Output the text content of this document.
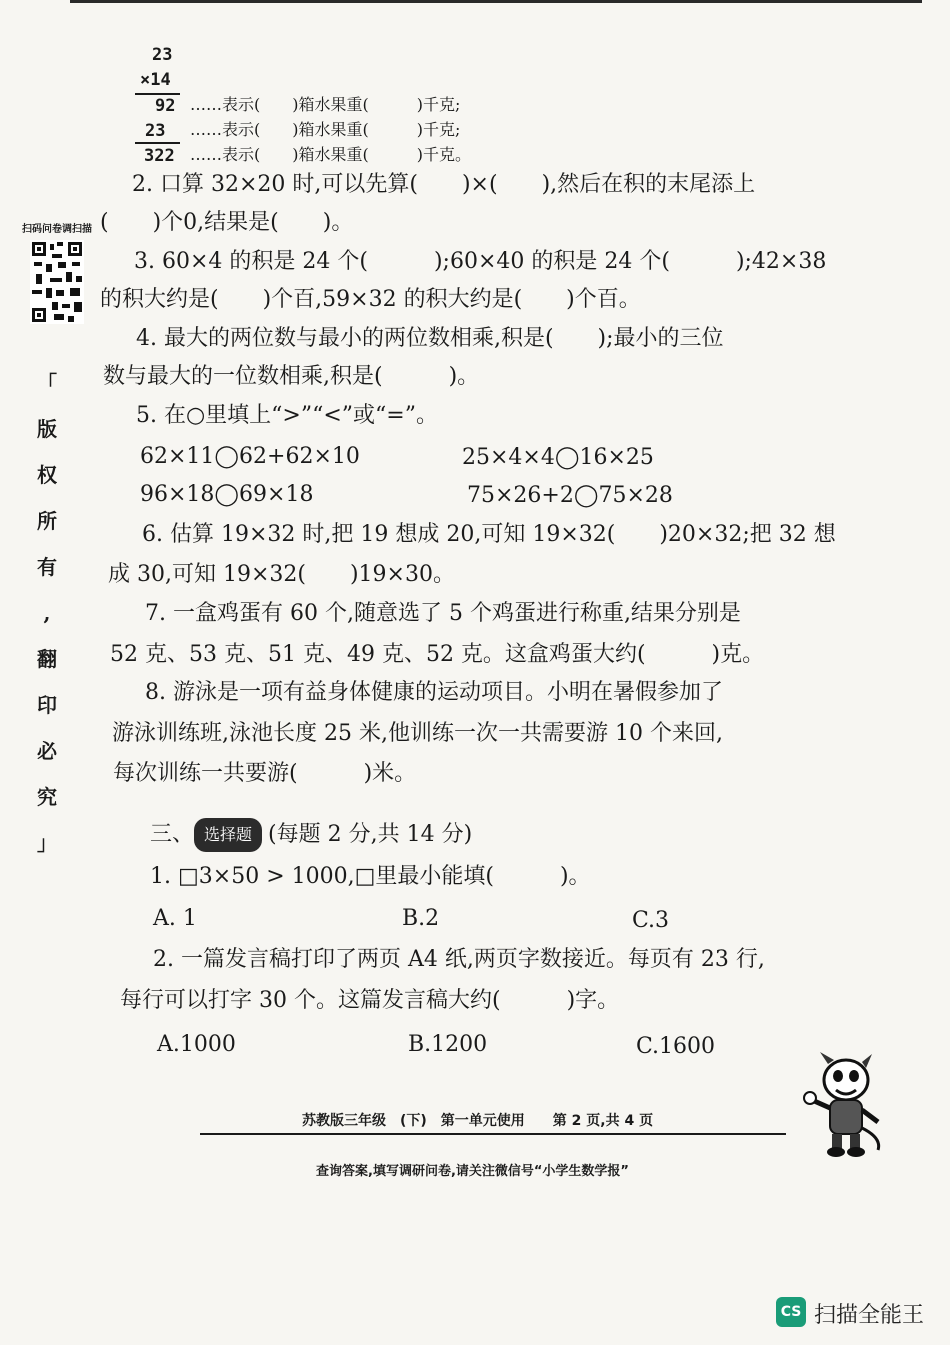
23
×14
92 ……表示(　　)箱水果重(　　　)千克;
23 ……表示(　　)箱水果重(　　　)千克;
322 ……表示(　　)箱水果重(　　　)千克。
2. 口算 32×20 时,可以先算(　　)×(　　),然后在积的末尾添上
(　　)个0,结果是(　　)。
3. 60×4 的积是 24 个(　　　);60×40 的积是 24 个(　　　);42×38
的积大约是(　　)个百,59×32 的积大约是(　　)个百。
4. 最大的两位数与最小的两位数相乘,积是(　　);最小的三位
数与最大的一位数相乘,积是(　　　)。
5. 在○里填上“>”“<”或“=”。
62×11◯62+62×10	25×4×4◯16×25
96×18◯69×18	75×26+2◯75×28
6. 估算 19×32 时,把 19 想成 20,可知 19×32(　　)20×32;把 32 想
成 30,可知 19×32(　　)19×30。
7. 一盒鸡蛋有 60 个,随意选了 5 个鸡蛋进行称重,结果分别是
52 克、53 克、51 克、49 克、52 克。这盒鸡蛋大约(　　　)克。
8. 游泳是一项有益身体健康的运动项目。小明在暑假参加了
游泳训练班,泳池长度 25 米,他训练一次一共需要游 10 个来回,
每次训练一共要游(　　　)米。
三、 选择题 (每题 2 分,共 14 分)
1. □3×50 > 1000,□里最小能填(　　　)。
A. 1	B.2	C.3
2. 一篇发言稿打印了两页 A4 纸,两页字数接近。每页有 23 行,
每行可以打字 30 个。这篇发言稿大约(　　　)字。
A.1000	B.1200	C.1600
扫码问卷调扫描
「
版
权
所
有
,
翻
印
必
究
」
苏教版三年级　(下)　第一单元使用　　第 2 页,共 4 页
查询答案,填写调研问卷,请关注微信号“小学生数学报”
CS 扫描全能王
